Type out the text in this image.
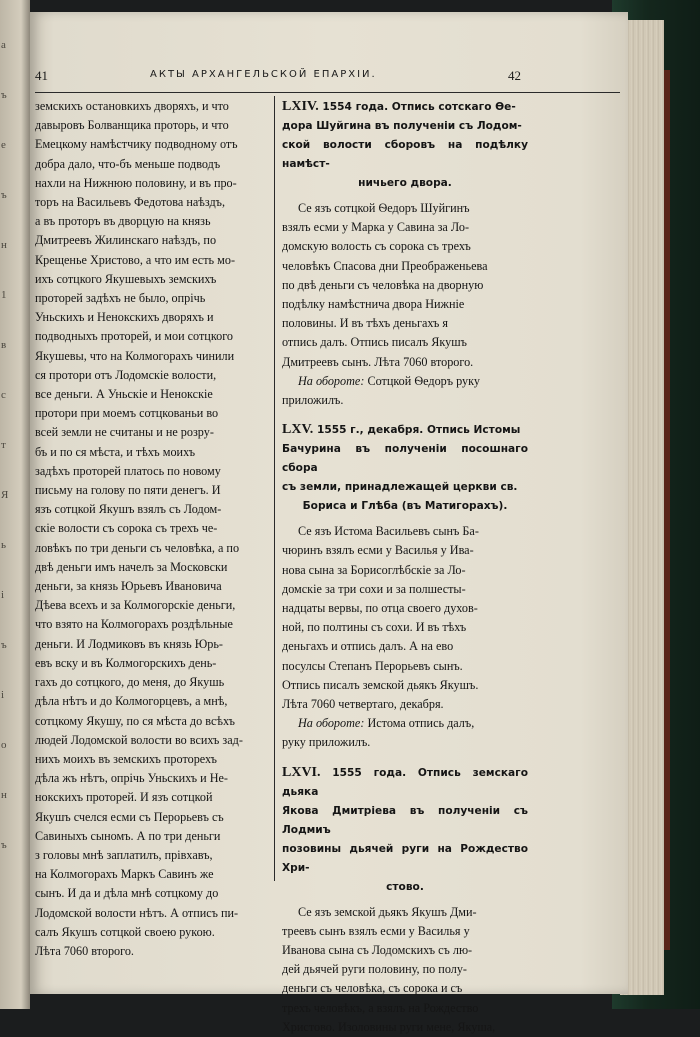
а
ъ
е
ъ
н
1
в
с
т
Я
ь
і
ъ
і
о
н
ъ
41	АКТЫ АРХАНГЕЛЬСКОЙ ЕПАРХІИ.	42
земскихъ остановкихъ дворяхъ, и что
давыровъ Болванщика проторь, и что
Емецкому намѣстчику подводному отъ
добра дало, что-бъ меньше подводъ
нахли на Нижнюю половину, и въ про-
торъ на Васильевъ Федотова наѣздъ,
а въ проторъ въ дворцую на князь
Дмитреевъ Жилинскаго наѣздъ, по
Крещенье Христово, а что им есть мо-
ихъ сотцкого Якушевыхъ земскихъ
проторей задѣхъ не было, опрічь
Уньскихъ и Ненокскихъ дворяхъ и
подводныхъ проторей, и мои сотцкого
Якушевы, что на Колмогорахъ чинили
ся протори отъ Лодомскіе волости,
все деньги. А Уньскіе и Ненокскіе
протори при моемъ сотцкованьи во
всей земли не считаны и не розру-
бъ и по ся мѣста, и тѣхъ моихъ
задѣхъ проторей платось по новому
письму на голову по пяти денегъ. И
язъ сотцкой Якушъ взялъ съ Лодом-
скіе волости съ сорока съ трехъ че-
ловѣкъ по три деньги съ человѣка, а по
двѣ деньги имъ начелъ за Московски
деньги, за князь Юрьевъ Ивановича
Дѣева всехъ и за Колмогорскіе деньги,
что взято на Колмогорахъ роздѣльные
деньги. И Лодмиковъ въ князь Юрь-
евъ вску и въ Колмогорскихъ день-
гахъ до сотцкого, до меня, до Якушь
дѣла нѣтъ и до Колмогорцевъ, а мнѣ,
сотцкому Якушу, по ся мѣста до всѣхъ
людей Лодомской волости во всихъ зад-
нихъ моихъ въ земскихъ проторехъ
дѣла жъ нѣтъ, опрічь Уньскихъ и Не-
нокскихъ проторей. И язъ сотцкой
Якушъ счелся есми съ Перорьевъ съ
Савиныхъ сыномъ. А по три деньги
з головы мнѣ заплатилъ, прівхавъ,
на Колмогорахъ Маркъ Савинъ же
сынъ. И да и дѣла мнѣ сотцкому до
Лодомской волости нѣтъ. А отписъ пи-
салъ Якушъ сотцкой своею рукою.
Лѣта 7060 второго.
LXIV. 1554 года. Отпись сотскаго Ѳе-
дора Шуйгина въ полученіи съ Лодом-
ской волости сборовъ на подѣлку намѣст-

ничьего двора.
Се язъ сотцкой Ѳедоръ Шуйгинъ
взялъ есми у Марка у Савина за Ло-
домскую волость съ сорока съ трехъ
человѣкъ Спасова дни Преображеньева
по двѣ деньги съ человѣка на дворную
подѣлку намѣстнича двора Нижніе
половины. И въ тѣхъ деньгахъ я
отпись далъ. Отпись писалъ Якушъ
Дмитреевъ сынъ. Лѣта 7060 второго.
На обороте: Сотцкой Ѳедоръ руку
приложилъ.
LXV. 1555 г., декабря. Отпись Истомы
Бачурина въ полученіи посошнаго сбора
съ земли, принадлежащей церкви св.

Бориса и Глѣба (въ Матигорахъ).
Се язъ Истома Васильевъ сынъ Ба-
чюринъ взялъ есми у Василья у Ива-
нова сына за Борисоглѣбскіе за Ло-
домскіе за три сохи и за полшесты-
надцаты вервы, по отца своего духов-
ной, по полтины съ сохи. И въ тѣхъ
деньгахъ и отпись далъ. А на ево
посулсы Степанъ Перорьевъ сынъ.
Отпись писалъ земской дьякъ Якушъ.
Лѣта 7060 четвертаго, декабря.
На обороте: Истома отпись далъ,
руку приложилъ.
LXVI. 1555 года. Отпись земскаго дьяка
Якова Дмитріева въ полученіи съ Лодмиъ
позовины дьячей руги на Рождество Хри-

стово.
Се язъ земской дьякъ Якушъ Дми-
треевъ сынъ взялъ есми у Василья у
Иванова сына съ Лодомскихъ съ лю-
дей дьячей руги половину, по полу-
деньги съ человѣка, съ сорока и съ
трехъ человѣкъ, а взялъ на Рождество
Христово. Изоловины руги мене, Якуша,
